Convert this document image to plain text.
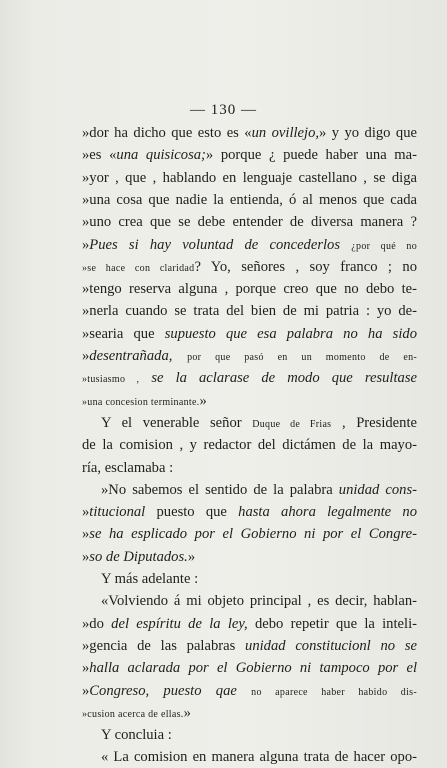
— 130 —
»dor ha dicho que esto es «un ovillejo,» y yo digo que
»es «una quisicosa;» porque ¿ puede haber una ma-
»yor , que , hablando en lenguaje castellano , se diga
»una cosa que nadie la entienda, ó al menos que cada
»uno crea que se debe entender de diversa manera ?
»Pues si hay voluntad de concederlos ¿por qué no
»se hace con claridad? Yo, señores , soy franco ; no
»tengo reserva alguna , porque creo que no debo te-
»nerla cuando se trata del bien de mi patria : yo de-
»searia que supuesto que esa palabra no ha sido
»desentrañada, por que pasó en un momento de en-
»tusiasmo , se la aclarase de modo que resultase
»una concesion terminante.»
Y el venerable señor Duque de Frias , Presidente
de la comision , y redactor del dictámen de la mayo-
ría, esclamaba :
»No sabemos el sentido de la palabra unidad cons-
»titucional puesto que hasta ahora legalmente no
»se ha esplicado por el Gobierno ni por el Congre-
»so de Diputados.»
Y más adelante :
«Volviendo á mi objeto principal , es decir, hablan-
»do del espíritu de la ley, debo repetir que la inteli-
»gencia de las palabras unidad constitucionl no se
»halla aclarada por el Gobierno ni tampoco por el
»Congreso, puesto qae no aparece haber habido dis-
»cusion acerca de ellas.»
Y concluia :
« La comision en manera alguna trata de hacer opo-
